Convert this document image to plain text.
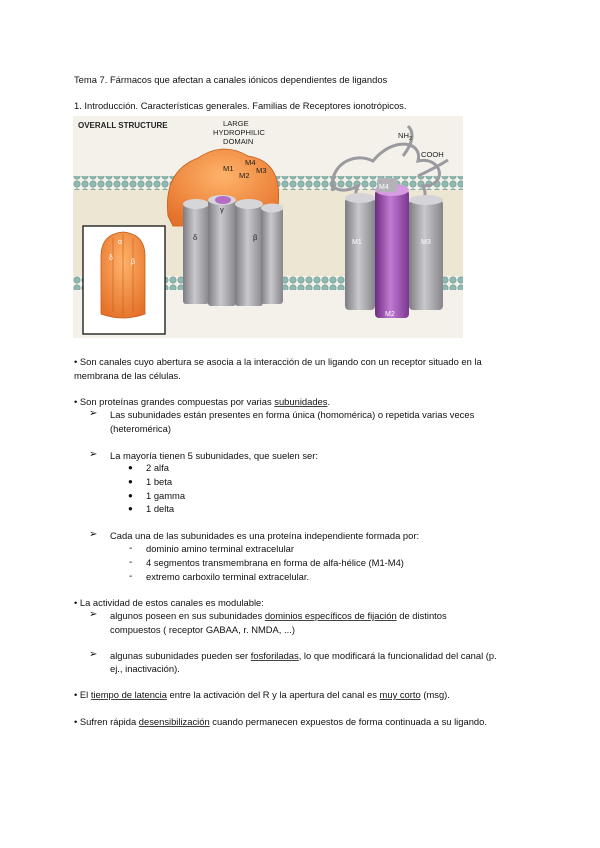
Tema 7. Fármacos que afectan a canales iónicos dependientes de ligandos
1. Introducción. Características generales. Familias de Receptores ionotrópicos.
OVERALL STRUCTURE	LARGE
HYDROPHILIC
DOMAIN
$NH_2$
COOH
M4
M1	M3
M2
γ
δ	β
M1	M3
M4
M2
α
δ
β
• Son canales cuyo abertura se asocia a la interacción de un ligando con un receptor situado en la
membrana de las células.
• Son proteínas grandes compuestas por varias subunidades.
➢ Las subunidades están presentes en forma única (homomérica) o repetida varias veces
(heteromérica)
➢ La mayoría tienen 5 subunidades, que suelen ser:
● 2 alfa
● 1 beta
● 1 gamma
● 1 delta
➢ Cada una de las subunidades es una proteína independiente formada por:
- dominio amino terminal extracelular
- 4 segmentos transmembrana en forma de alfa-hélice (M1-M4)
- extremo carboxilo terminal extracelular.
• La actividad de estos canales es modulable:
➢ algunos poseen en sus subunidades dominios específicos de fijación de distintos
compuestos ( receptor GABAA, r. NMDA, ...)
➢ algunas subunidades pueden ser fosforiladas, lo que modificará la funcionalidad del canal (p.
ej., inactivación).
• El tiempo de latencia entre la activación del R y la apertura del canal es muy corto (msg).
• Sufren rápida desensibilización cuando permanecen expuestos de forma continuada a su ligando.
